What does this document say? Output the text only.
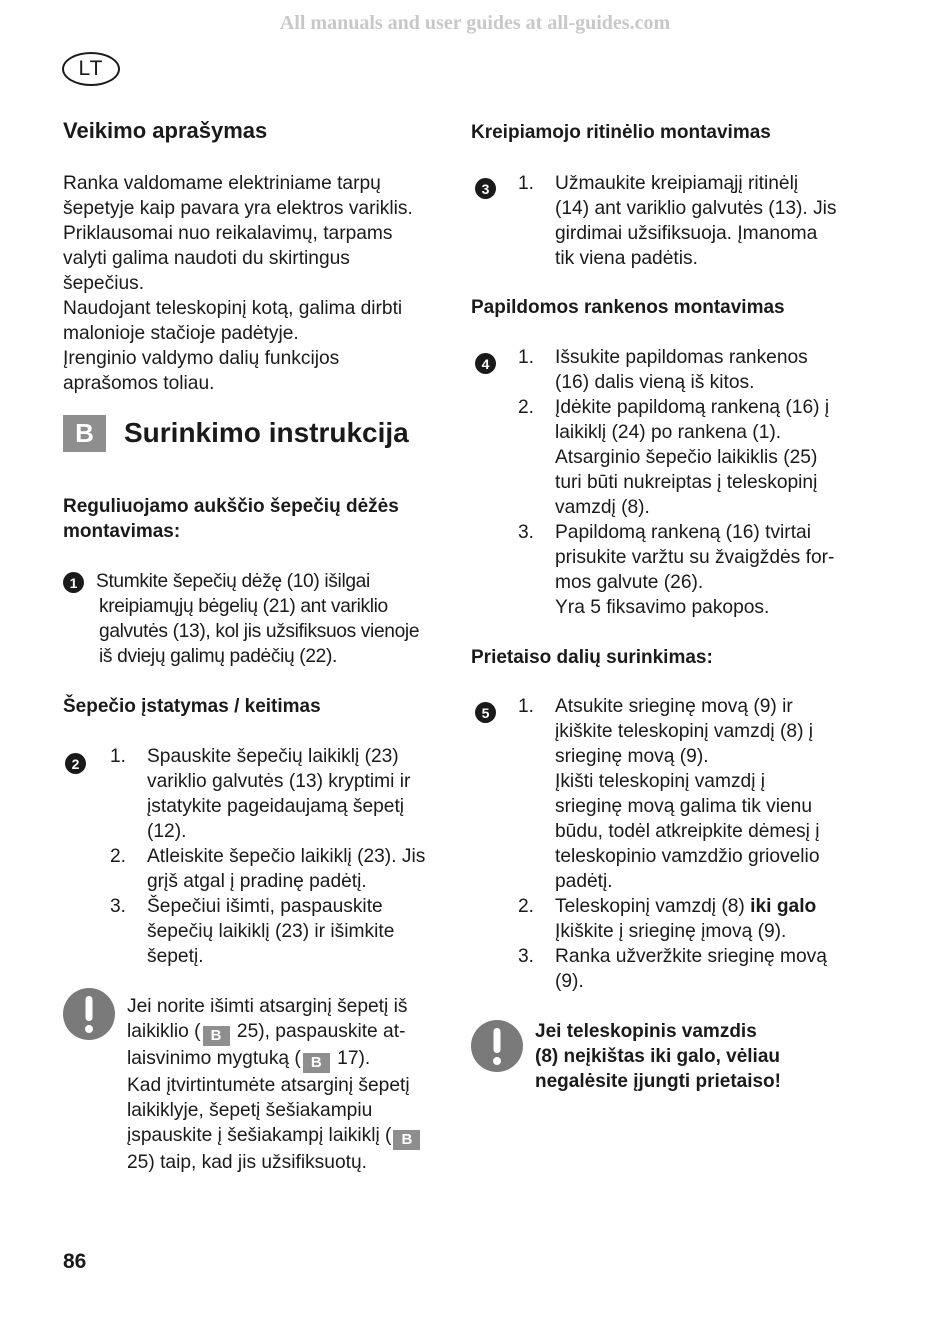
All manuals and user guides at all-guides.com
LT
Veikimo aprašymas
Ranka valdomame elektriniame tarpų
šepetyje kaip pavara yra elektros variklis.
Priklausomai nuo reikalavimų, tarpams
valyti galima naudoti du skirtingus
šepečius.
Naudojant teleskopinį kotą, galima dirbti
malonioje stačioje padėtyje.
Įrenginio valdymo dalių funkcijos
aprašomos toliau.
B	Surinkimo instrukcija
Reguliuojamo aukščio šepečių dėžės
montavimas:
1 Stumkite šepečių dėžę (10) išilgai
kreipiamųjų bėgelių (21) ant variklio
galvutės (13), kol jis užsifiksuos vienoje
iš dviejų galimų padėčių (22).
Šepečio įstatymas / keitimas
2	1.	Spauskite šepečių laikiklį (23)
variklio galvutės (13) kryptimi ir
įstatykite pageidaujamą šepetį
(12).
2.	Atleiskite šepečio laikiklį (23). Jis
grįš atgal į pradinę padėtį.
3.	Šepečiui išimti, paspauskite
šepečių laikiklį (23) ir išimkite
šepetį.
Jei norite išimti atsarginį šepetį iš
laikiklio ( B 25), paspauskite at-
laisvinimo mygtuką ( B 17).
Kad įtvirtintumėte atsarginį šepetį
laikiklyje, šepetį šešiakampiu
įspauskite į šešiakampį laikiklį ( B
25) taip, kad jis užsifiksuotų.
Kreipiamojo ritinėlio montavimas
3	1.	Užmaukite kreipiamąjį ritinėlį
(14) ant variklio galvutės (13). Jis
girdimai užsifiksuoja. Įmanoma
tik viena padėtis.
Papildomos rankenos montavimas
4	1.	Išsukite papildomas rankenos
(16) dalis vieną iš kitos.
2.	Įdėkite papildomą rankeną (16) į
laikiklį (24) po rankena (1).
Atsarginio šepečio laikiklis (25)
turi būti nukreiptas į teleskopinį
vamzdį (8).
3.	Papildomą rankeną (16) tvirtai
prisukite varžtu su žvaigždės for-
mos galvute (26).
Yra 5 fiksavimo pakopos.
Prietaiso dalių surinkimas:
5	1.	Atsukite srieginę movą (9) ir
įkiškite teleskopinį vamzdį (8) į
srieginę movą (9).
Įkišti teleskopinį vamzdį į
srieginę movą galima tik vienu
būdu, todėl atkreipkite dėmesį į
teleskopinio vamzdžio griovelio
padėtį.
2.	Teleskopinį vamzdį (8) iki galo
Įkiškite į srieginę įmovą (9).
3.	Ranka užveržkite srieginę movą
(9).
Jei teleskopinis vamzdis
(8) neįkištas iki galo, vėliau
negalėsite įjungti prietaiso!
86
